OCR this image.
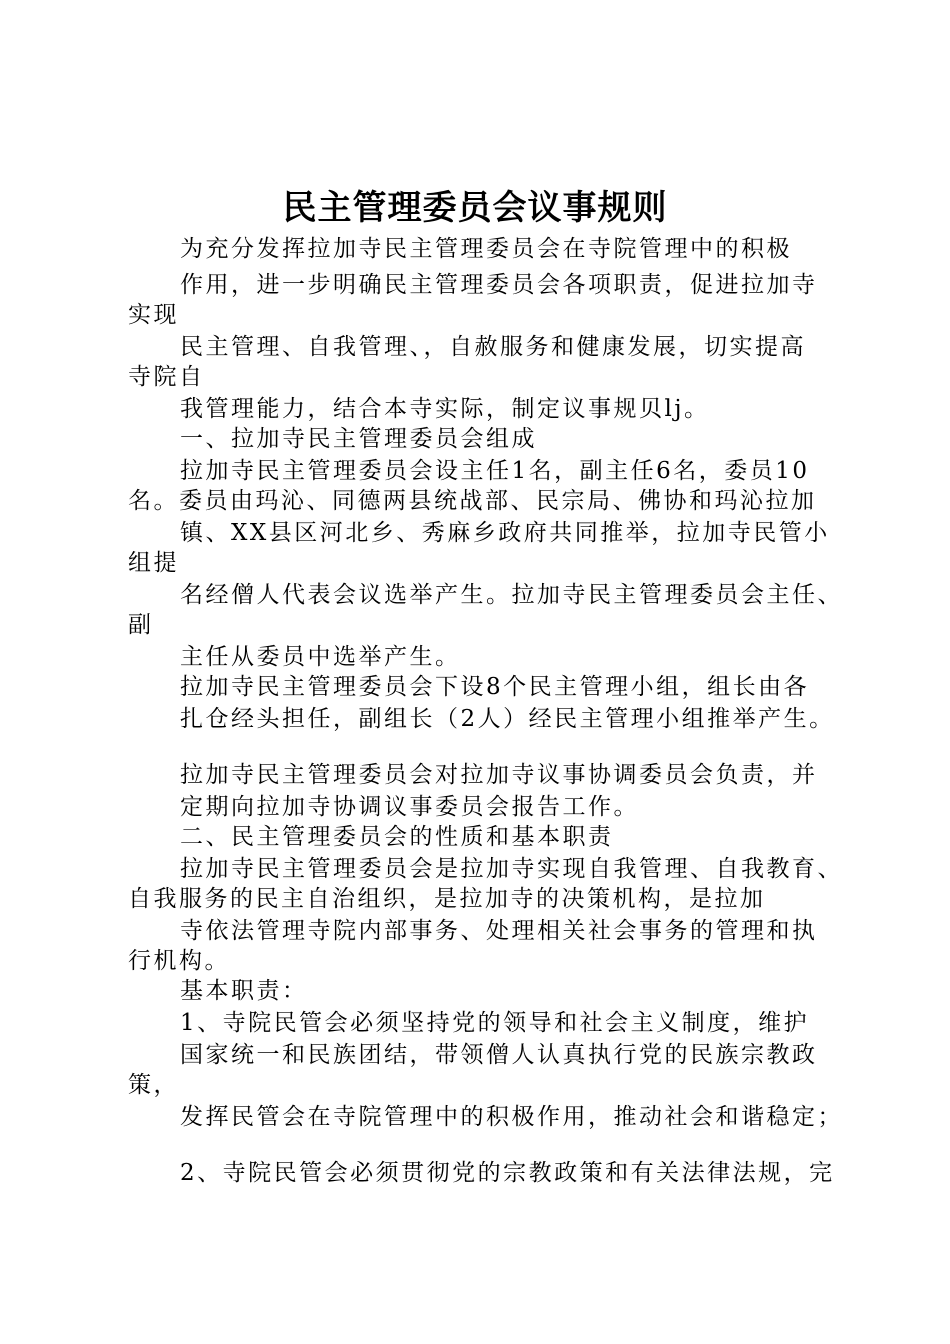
民主管理委员会议事规则
为充分发挥拉加寺民主管理委员会在寺院管理中的积极
作用，进一步明确民主管理委员会各项职责，促进拉加寺
实现
民主管理、自我管理、，自赦服务和健康发展，切实提高
寺院自
我管理能力，结合本寺实际，制定议事规贝lj。
一、拉加寺民主管理委员会组成
拉加寺民主管理委员会设主任1名，副主任6名，委员10
名。委员由玛沁、同德两县统战部、民宗局、佛协和玛沁拉加
镇、XX县区河北乡、秀麻乡政府共同推举，拉加寺民管小
组提
名经僧人代表会议选举产生。拉加寺民主管理委员会主任、
副
主任从委员中选举产生。
拉加寺民主管理委员会下设8个民主管理小组，组长由各
扎仓经头担任，副组长（2人）经民主管理小组推举产生。
拉加寺民主管理委员会对拉加寺议事协调委员会负责，并
定期向拉加寺协调议事委员会报告工作。
二、民主管理委员会的性质和基本职责
拉加寺民主管理委员会是拉加寺实现自我管理、自我教育、
自我服务的民主自治组织，是拉加寺的决策机构，是拉加
寺依法管理寺院内部事务、处理相关社会事务的管理和执
行机构。
基本职责：
1、寺院民管会必须坚持党的领导和社会主义制度，维护
国家统一和民族团结，带领僧人认真执行党的民族宗教政
策，
发挥民管会在寺院管理中的积极作用，推动社会和谐稳定；
2、寺院民管会必须贯彻党的宗教政策和有关法律法规，完
